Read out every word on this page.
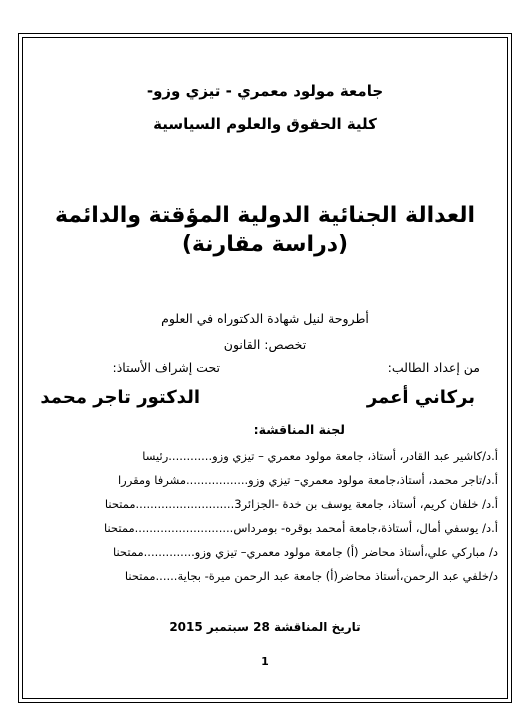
جامعة مولود معمري - تيزي وزو-
كلية الحقوق والعلوم السياسية
العدالة الجنائية الدولية المؤقتة والدائمة
(دراسة مقارنة)
أطروحة لنيل شهادة الدكتوراه في العلوم
تخصص: القانون
من إعداد الطالب:
تحت إشراف الأستاذ:
بركاني أعمر
الدكتور تاجر محمد
لجنة المناقشة:
أ.د/كاشير عبد القادر، أستاذ، جامعة مولود معمري – تيزي وزو............رئيسا
أ.د/تاجر محمد، أستاذ،جامعة مولود معمري– تيزي وزو.................مشرفا ومقررا
أ.د/ خلفان كريم، أستاذ، جامعة يوسف بن خدة -الجزائر3...........................ممتحنا
أ.د/ يوسفي أمال، أستاذة،جامعة أمحمد بوقره- بومرداس...........................ممتحنا
د/ مباركي علي،أستاذ محاضر (أ) جامعة مولود معمري– تيزي وزو..............ممتحنا
د/خلفي عبد الرحمن،أستاذ محاضر(أ) جامعة عبد الرحمن ميرة- بجاية......ممتحنا
تاريخ المناقشة 28 سبتمبر 2015
1
